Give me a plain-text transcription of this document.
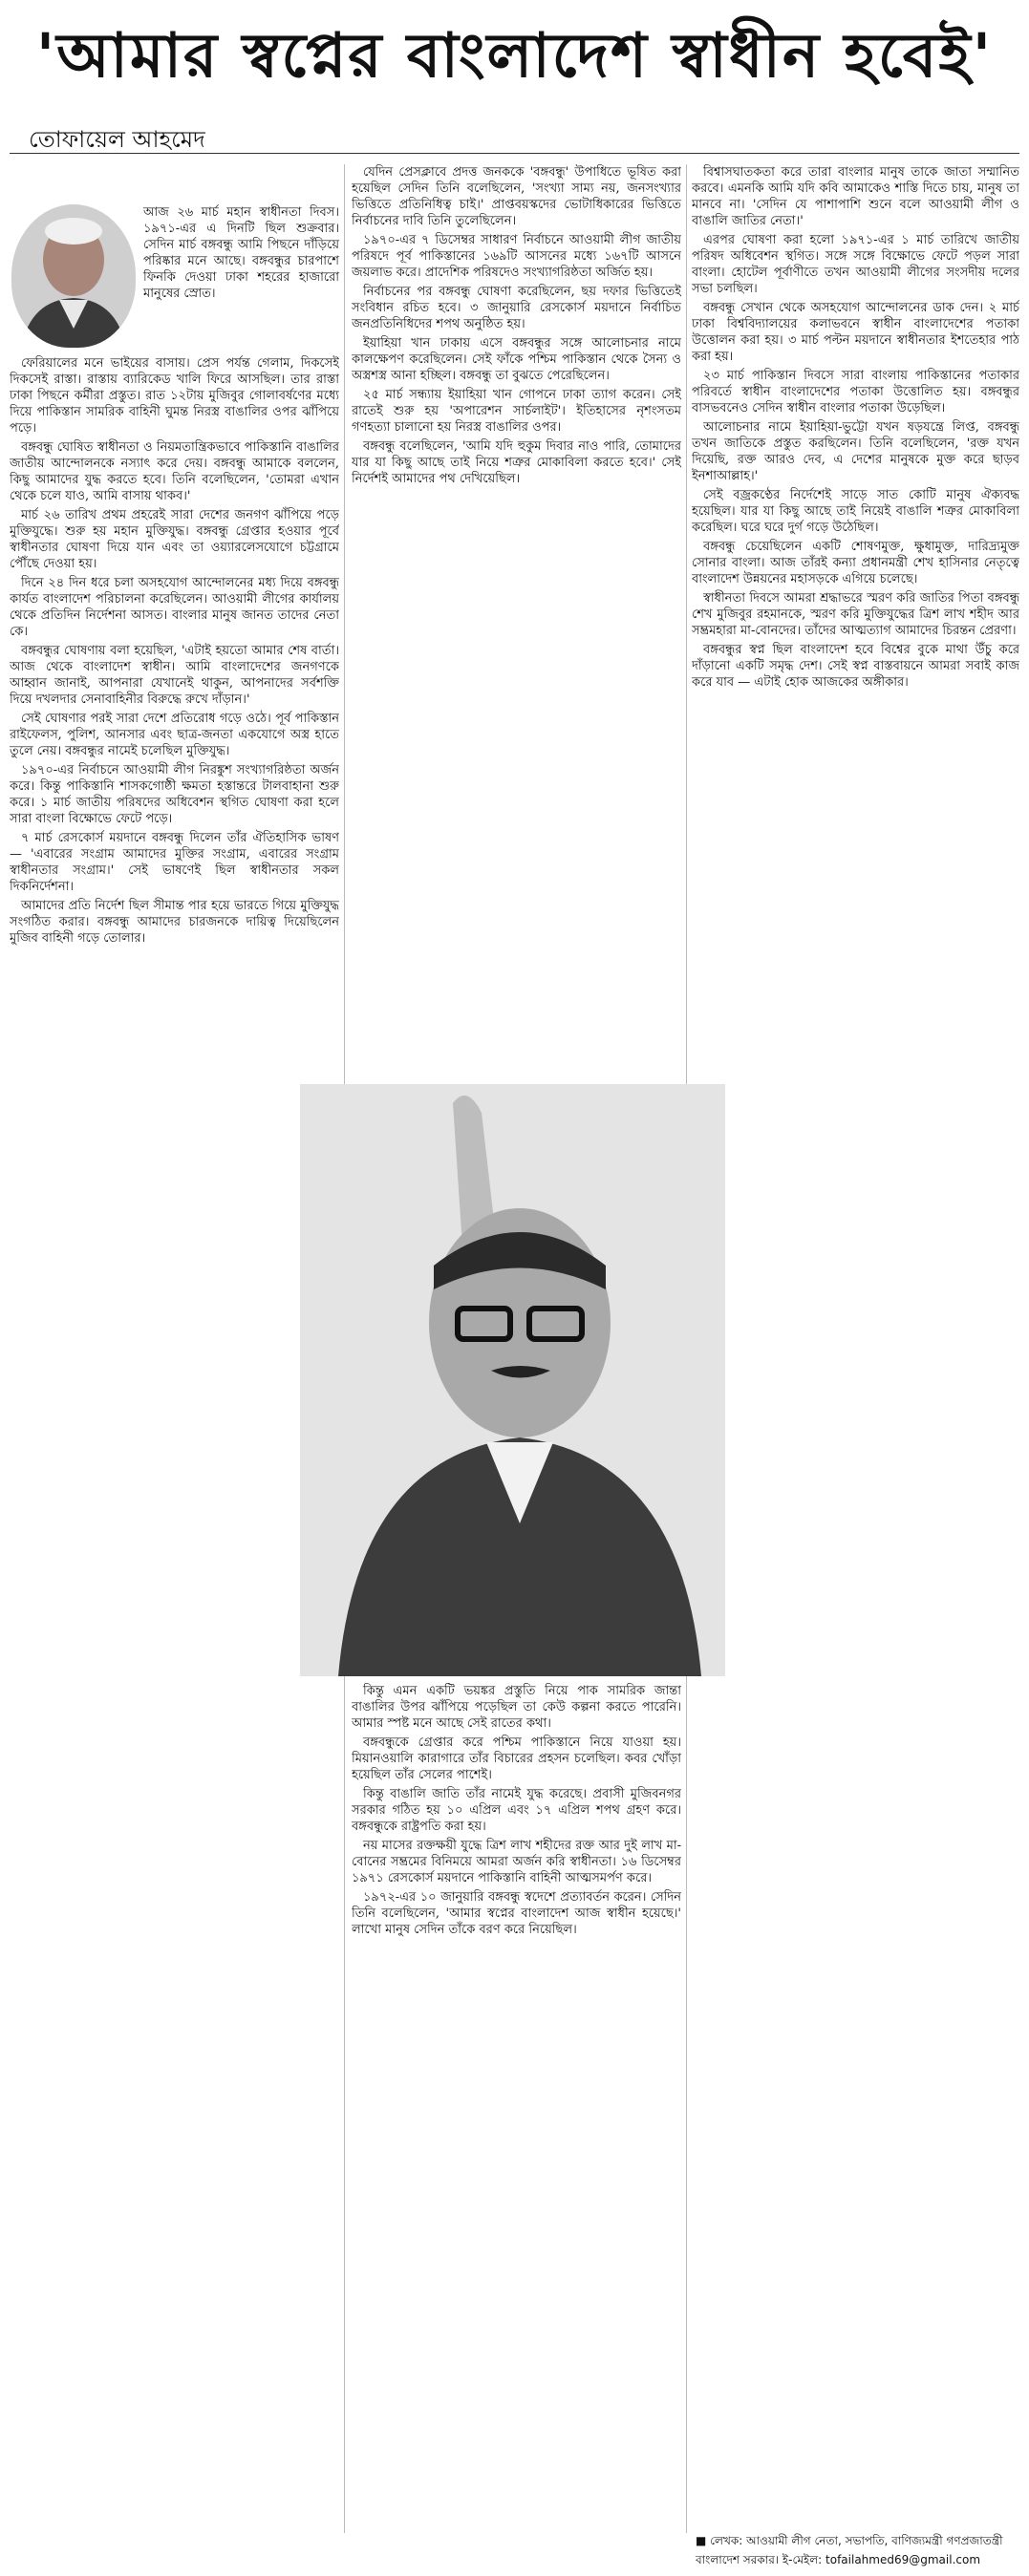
'আমার স্বপ্নের বাংলাদেশ স্বাধীন হবেই'
তোফায়েল আহমেদ
আজ ২৬ মার্চ মহান স্বাধীনতা দিবস। ১৯৭১-এর এ দিনটি ছিল শুক্রবার। সেদিন মার্চ বঙ্গবন্ধু আমি পিছনে দাঁড়িয়ে পরিষ্কার মনে আছে। বঙ্গবন্ধুর চারপাশে ফিনকি দেওয়া ঢাকা শহরের হাজারো মানুষের স্রোত।

ফেরিয়ালের মনে ভাইয়ের বাসায়। প্রেস পর্যন্ত গেলাম, দিকসেই দিকসেই রাস্তা। রাস্তায় ব্যারিকেড খালি ফিরে আসছিল। তার রাস্তা ঢাকা পিছনে কর্মীরা প্রস্তুত। রাত ১২টায় মুজিবুর গোলাবর্ষণের মধ্যে দিয়ে পাকিস্তান সামরিক বাহিনী ঘুমন্ত নিরস্ত্র বাঙালির ওপর ঝাঁপিয়ে পড়ে।

বঙ্গবন্ধু ঘোষিত স্বাধীনতা ও নিয়মতান্ত্রিকভাবে পাকিস্তানি বাঙালির জাতীয় আন্দোলনকে নস্যাৎ করে দেয়। বঙ্গবন্ধু আমাকে বললেন, কিছু আমাদের যুদ্ধ করতে হবে। তিনি বলেছিলেন, 'তোমরা এখান থেকে চলে যাও, আমি বাসায় থাকব।'

মার্চ ২৬ তারিখ প্রথম প্রহরেই সারা দেশের জনগণ ঝাঁপিয়ে পড়ে মুক্তিযুদ্ধে। শুরু হয় মহান মুক্তিযুদ্ধ। বঙ্গবন্ধু গ্রেপ্তার হওয়ার পূর্বে স্বাধীনতার ঘোষণা দিয়ে যান এবং তা ওয়্যারলেসযোগে চট্টগ্রামে পৌঁছে দেওয়া হয়।

দিনে ২৪ দিন ধরে চলা অসহযোগ আন্দোলনের মধ্য দিয়ে বঙ্গবন্ধু কার্যত বাংলাদেশ পরিচালনা করেছিলেন। আওয়ামী লীগের কার্যালয় থেকে প্রতিদিন নির্দেশনা আসত। বাংলার মানুষ জানত তাদের নেতা কে।

বঙ্গবন্ধুর ঘোষণায় বলা হয়েছিল, 'এটাই হয়তো আমার শেষ বার্তা। আজ থেকে বাংলাদেশ স্বাধীন। আমি বাংলাদেশের জনগণকে আহ্বান জানাই, আপনারা যেখানেই থাকুন, আপনাদের সর্বশক্তি দিয়ে দখলদার সেনাবাহিনীর বিরুদ্ধে রুখে দাঁড়ান।'

সেই ঘোষণার পরই সারা দেশে প্রতিরোধ গড়ে ওঠে। পূর্ব পাকিস্তান রাইফেলস, পুলিশ, আনসার এবং ছাত্র-জনতা একযোগে অস্ত্র হাতে তুলে নেয়। বঙ্গবন্ধুর নামেই চলেছিল মুক্তিযুদ্ধ।

১৯৭০-এর নির্বাচনে আওয়ামী লীগ নিরঙ্কুশ সংখ্যাগরিষ্ঠতা অর্জন করে। কিন্তু পাকিস্তানি শাসকগোষ্ঠী ক্ষমতা হস্তান্তরে টালবাহানা শুরু করে। ১ মার্চ জাতীয় পরিষদের অধিবেশন স্থগিত ঘোষণা করা হলে সারা বাংলা বিক্ষোভে ফেটে পড়ে।

৭ মার্চ রেসকোর্স ময়দানে বঙ্গবন্ধু দিলেন তাঁর ঐতিহাসিক ভাষণ — 'এবারের সংগ্রাম আমাদের মুক্তির সংগ্রাম, এবারের সংগ্রাম স্বাধীনতার সংগ্রাম।' সেই ভাষণেই ছিল স্বাধীনতার সকল দিকনির্দেশনা।

আমাদের প্রতি নির্দেশ ছিল সীমান্ত পার হয়ে ভারতে গিয়ে মুক্তিযুদ্ধ সংগঠিত করার। বঙ্গবন্ধু আমাদের চারজনকে দায়িত্ব দিয়েছিলেন মুজিব বাহিনী গড়ে তোলার।

যেদিন প্রেসক্লাবে প্রদত্ত জনককে 'বঙ্গবন্ধু' উপাধিতে ভূষিত করা হয়েছিল সেদিন তিনি বলেছিলেন, 'সংখ্যা সাম্য নয়, জনসংখ্যার ভিত্তিতে প্রতিনিধিত্ব চাই।' প্রাপ্তবয়স্কদের ভোটাধিকারের ভিত্তিতে নির্বাচনের দাবি তিনি তুলেছিলেন।

১৯৭০-এর ৭ ডিসেম্বর সাধারণ নির্বাচনে আওয়ামী লীগ জাতীয় পরিষদে পূর্ব পাকিস্তানের ১৬৯টি আসনের মধ্যে ১৬৭টি আসনে জয়লাভ করে। প্রাদেশিক পরিষদেও সংখ্যাগরিষ্ঠতা অর্জিত হয়।

নির্বাচনের পর বঙ্গবন্ধু ঘোষণা করেছিলেন, ছয় দফার ভিত্তিতেই সংবিধান রচিত হবে। ৩ জানুয়ারি রেসকোর্স ময়দানে নির্বাচিত জনপ্রতিনিধিদের শপথ অনুষ্ঠিত হয়।

ইয়াহিয়া খান ঢাকায় এসে বঙ্গবন্ধুর সঙ্গে আলোচনার নামে কালক্ষেপণ করেছিলেন। সেই ফাঁকে পশ্চিম পাকিস্তান থেকে সৈন্য ও অস্ত্রশস্ত্র আনা হচ্ছিল। বঙ্গবন্ধু তা বুঝতে পেরেছিলেন।

২৫ মার্চ সন্ধ্যায় ইয়াহিয়া খান গোপনে ঢাকা ত্যাগ করেন। সেই রাতেই শুরু হয় 'অপারেশন সার্চলাইট'। ইতিহাসের নৃশংসতম গণহত্যা চালানো হয় নিরস্ত্র বাঙালির ওপর।

বঙ্গবন্ধু বলেছিলেন, 'আমি যদি হুকুম দিবার নাও পারি, তোমাদের যার যা কিছু আছে তাই নিয়ে শত্রুর মোকাবিলা করতে হবে।' সেই নির্দেশই আমাদের পথ দেখিয়েছিল।

কিন্তু এমন একটি ভয়ঙ্কর প্রস্তুতি নিয়ে পাক সামরিক জান্তা বাঙালির উপর ঝাঁপিয়ে পড়েছিল তা কেউ কল্পনা করতে পারেনি। আমার স্পষ্ট মনে আছে সেই রাতের কথা।

বঙ্গবন্ধুকে গ্রেপ্তার করে পশ্চিম পাকিস্তানে নিয়ে যাওয়া হয়। মিয়ানওয়ালি কারাগারে তাঁর বিচারের প্রহসন চলেছিল। কবর খোঁড়া হয়েছিল তাঁর সেলের পাশেই।

কিন্তু বাঙালি জাতি তাঁর নামেই যুদ্ধ করেছে। প্রবাসী মুজিবনগর সরকার গঠিত হয় ১০ এপ্রিল এবং ১৭ এপ্রিল শপথ গ্রহণ করে। বঙ্গবন্ধুকে রাষ্ট্রপতি করা হয়।

নয় মাসের রক্তক্ষয়ী যুদ্ধে ত্রিশ লাখ শহীদের রক্ত আর দুই লাখ মা-বোনের সম্ভ্রমের বিনিময়ে আমরা অর্জন করি স্বাধীনতা। ১৬ ডিসেম্বর ১৯৭১ রেসকোর্স ময়দানে পাকিস্তানি বাহিনী আত্মসমর্পণ করে।

১৯৭২-এর ১০ জানুয়ারি বঙ্গবন্ধু স্বদেশে প্রত্যাবর্তন করেন। সেদিন তিনি বলেছিলেন, 'আমার স্বপ্নের বাংলাদেশ আজ স্বাধীন হয়েছে।' লাখো মানুষ সেদিন তাঁকে বরণ করে নিয়েছিল।

বিশ্বাসঘাতকতা করে তারা বাংলার মানুষ তাকে জাতা সম্মানিত করবে। এমনকি আমি যদি কবি আমাকেও শাস্তি দিতে চায়, মানুষ তা মানবে না। 'সেদিন যে পাশাপাশি শুনে বলে আওয়ামী লীগ ও বাঙালি জাতির নেতা।'

এরপর ঘোষণা করা হলো ১৯৭১-এর ১ মার্চ তারিখে জাতীয় পরিষদ অধিবেশন স্থগিত। সঙ্গে সঙ্গে বিক্ষোভে ফেটে পড়ল সারা বাংলা। হোটেল পূর্বাণীতে তখন আওয়ামী লীগের সংসদীয় দলের সভা চলছিল।

বঙ্গবন্ধু সেখান থেকে অসহযোগ আন্দোলনের ডাক দেন। ২ মার্চ ঢাকা বিশ্ববিদ্যালয়ের কলাভবনে স্বাধীন বাংলাদেশের পতাকা উত্তোলন করা হয়। ৩ মার্চ পল্টন ময়দানে স্বাধীনতার ইশতেহার পাঠ করা হয়।

২৩ মার্চ পাকিস্তান দিবসে সারা বাংলায় পাকিস্তানের পতাকার পরিবর্তে স্বাধীন বাংলাদেশের পতাকা উত্তোলিত হয়। বঙ্গবন্ধুর বাসভবনেও সেদিন স্বাধীন বাংলার পতাকা উড়েছিল।

আলোচনার নামে ইয়াহিয়া-ভুট্টো যখন ষড়যন্ত্রে লিপ্ত, বঙ্গবন্ধু তখন জাতিকে প্রস্তুত করছিলেন। তিনি বলেছিলেন, 'রক্ত যখন দিয়েছি, রক্ত আরও দেব, এ দেশের মানুষকে মুক্ত করে ছাড়ব ইনশাআল্লাহ।'

সেই বজ্রকণ্ঠের নির্দেশেই সাড়ে সাত কোটি মানুষ ঐক্যবদ্ধ হয়েছিল। যার যা কিছু আছে তাই নিয়েই বাঙালি শত্রুর মোকাবিলা করেছিল। ঘরে ঘরে দুর্গ গড়ে উঠেছিল।

বঙ্গবন্ধু চেয়েছিলেন একটি শোষণমুক্ত, ক্ষুধামুক্ত, দারিদ্র্যমুক্ত সোনার বাংলা। আজ তাঁরই কন্যা প্রধানমন্ত্রী শেখ হাসিনার নেতৃত্বে বাংলাদেশ উন্নয়নের মহাসড়কে এগিয়ে চলেছে।

স্বাধীনতা দিবসে আমরা শ্রদ্ধাভরে স্মরণ করি জাতির পিতা বঙ্গবন্ধু শেখ মুজিবুর রহমানকে, স্মরণ করি মুক্তিযুদ্ধের ত্রিশ লাখ শহীদ আর সম্ভ্রমহারা মা-বোনদের। তাঁদের আত্মত্যাগ আমাদের চিরন্তন প্রেরণা।

বঙ্গবন্ধুর স্বপ্ন ছিল বাংলাদেশ হবে বিশ্বের বুকে মাথা উঁচু করে দাঁড়ানো একটি সমৃদ্ধ দেশ। সেই স্বপ্ন বাস্তবায়নে আমরা সবাই কাজ করে যাব — এটাই হোক আজকের অঙ্গীকার।

■ লেখক: আওয়ামী লীগ নেতা, সভাপতি, বাণিজ্যমন্ত্রী গণপ্রজাতন্ত্রী বাংলাদেশ সরকার। ই-মেইল: tofailahmed69@gmail.com
